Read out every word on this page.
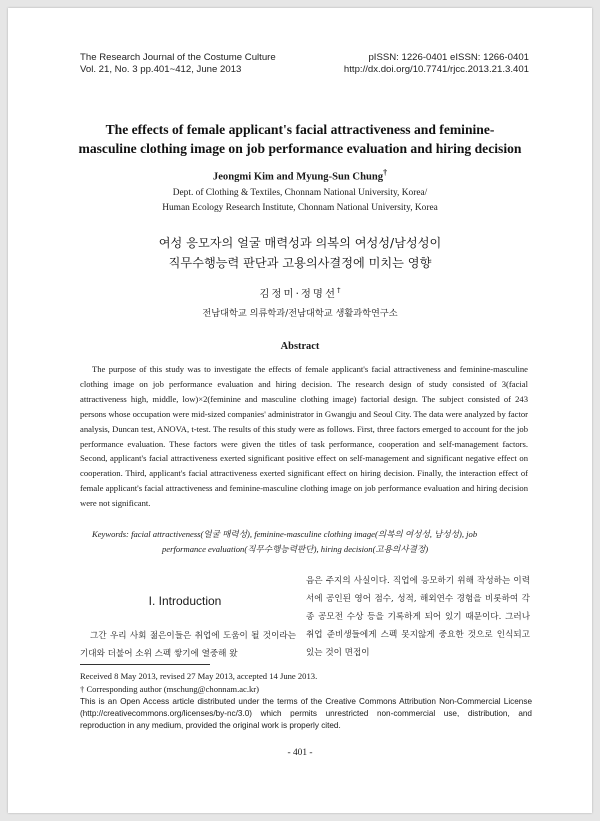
The Research Journal of the Costume Culture
Vol. 21, No. 3 pp.401~412, June 2013
pISSN: 1226-0401 eISSN: 1266-0401
http://dx.doi.org/10.7741/rjcc.2013.21.3.401
The effects of female applicant's facial attractiveness and feminine-
masculine clothing image on job performance evaluation and hiring decision
Jeongmi Kim and Myung-Sun Chung†
Dept. of Clothing & Textiles, Chonnam National University, Korea/
Human Ecology Research Institute, Chonnam National University, Korea
여성 응모자의 얼굴 매력성과 의복의 여성성/남성성이
직무수행능력 판단과 고용의사결정에 미치는 영향
김정미·정명선†
전남대학교 의류학과/전남대학교 생활과학연구소
Abstract

The purpose of this study was to investigate the effects of female applicant's facial attractiveness and feminine-masculine clothing image on job performance evaluation and hiring decision. The research design of study consisted of 3(facial attractiveness high, middle, low)×2(feminine and masculine clothing image) factorial design. The subject consisted of 243 persons whose occupation were mid-sized companies' administrator in Gwangju and Seoul City. The data were analyzed by factor analysis, Duncan test, ANOVA, t-test. The results of this study were as follows. First, three factors emerged to account for the job performance evaluation. These factors were given the titles of task performance, cooperation and self-management factors. Second, applicant's facial attractiveness exerted significant positive effect on self-management and significant negative effect on cooperation. Third, applicant's facial attractiveness exerted significant effect on hiring decision. Finally, the interaction effect of female applicant's facial attractiveness and feminine-masculine clothing image on job performance evaluation and hiring decision were not significant.

Keywords: facial attractiveness(얼굴 매력성), feminine-masculine clothing image(의복의 여성성, 남성성), job
performance evaluation(직무수행능력판단), hiring decision(고용의사결정)

I. Introduction

그간 우리 사회 젊은이들은 취업에 도움이 될 것이라는 기대와 더불어 소위 스펙 쌓기에 열중해 왔

음은 주지의 사실이다. 직업에 응모하기 위해 작성하는 이력서에 공인된 영어 점수, 성적, 해외연수 경험을 비롯하여 각종 공모전 수상 등을 기록하게 되어 있기 때문이다. 그러나 취업 준비생들에게 스펙 못지않게 중요한 것으로 인식되고 있는 것이 면접이

Received 8 May 2013, revised 27 May 2013, accepted 14 June 2013.

† Corresponding author (mschung@chonnam.ac.kr)

This is an Open Access article distributed under the terms of the Creative Commons Attribution Non-Commercial License (http://creativecommons.org/licenses/by-nc/3.0) which permits unrestricted non-commercial use, distribution, and reproduction in any medium, provided the original work is properly cited.

- 401 -
